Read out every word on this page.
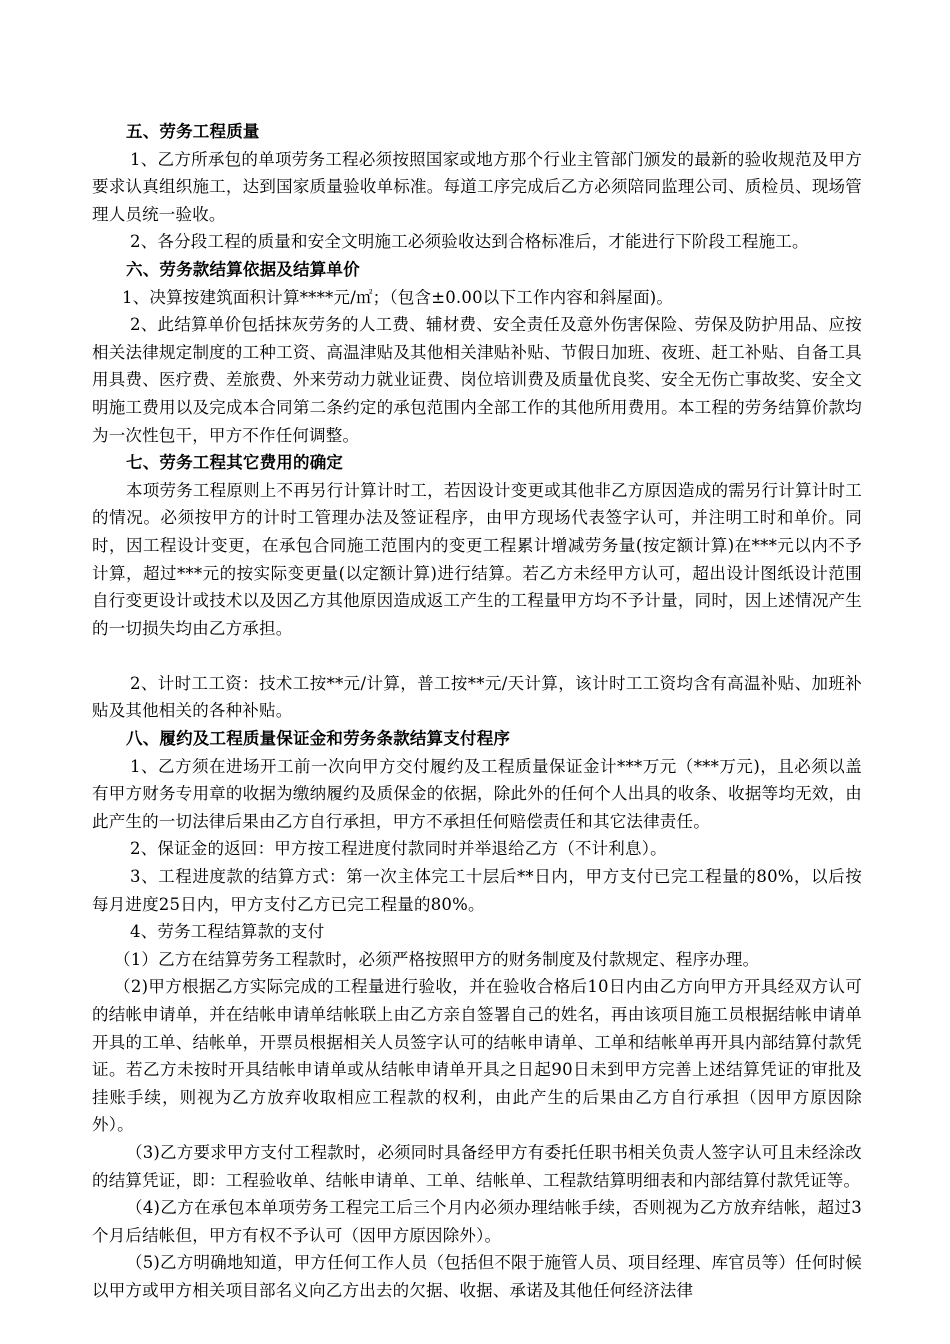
五、劳务工程质量

1、乙方所承包的单项劳务工程必须按照国家或地方那个行业主管部门颁发的最新的验收规范及甲方要求认真组织施工，达到国家质量验收单标准。每道工序完成后乙方必须陪同监理公司、质检员、现场管理人员统一验收。

2、各分段工程的质量和安全文明施工必须验收达到合格标准后，才能进行下阶段工程施工。

六、劳务款结算依据及结算单价

1、决算按建筑面积计算****元/㎡；（包含±0.00以下工作内容和斜屋面)。

2、此结算单价包括抹灰劳务的人工费、辅材费、安全责任及意外伤害保险、劳保及防护用品、应按相关法律规定制度的工种工资、高温津贴及其他相关津贴补贴、节假日加班、夜班、赶工补贴、自备工具用具费、医疗费、差旅费、外来劳动力就业证费、岗位培训费及质量优良奖、安全无伤亡事故奖、安全文明施工费用以及完成本合同第二条约定的承包范围内全部工作的其他所用费用。本工程的劳务结算价款均为一次性包干，甲方不作任何调整。

七、劳务工程其它费用的确定

本项劳务工程原则上不再另行计算计时工，若因设计变更或其他非乙方原因造成的需另行计算计时工的情况。必须按甲方的计时工管理办法及签证程序，由甲方现场代表签字认可，并注明工时和单价。同时，因工程设计变更，在承包合同施工范围内的变更工程累计增减劳务量(按定额计算)在***元以内不予计算，超过***元的按实际变更量(以定额计算)进行结算。若乙方未经甲方认可，超出设计图纸设计范围自行变更设计或技术以及因乙方其他原因造成返工产生的工程量甲方均不予计量，同时，因上述情况产生的一切损失均由乙方承担。

2、计时工工资：技术工按**元/计算，普工按**元/天计算，该计时工工资均含有高温补贴、加班补贴及其他相关的各种补贴。

八、履约及工程质量保证金和劳务条款结算支付程序

1、乙方须在进场开工前一次向甲方交付履约及工程质量保证金计***万元（***万元)，且必须以盖有甲方财务专用章的收据为缴纳履约及质保金的依据，除此外的任何个人出具的收条、收据等均无效，由此产生的一切法律后果由乙方自行承担，甲方不承担任何赔偿责任和其它法律责任。

2、保证金的返回：甲方按工程进度付款同时并举退给乙方（不计利息）。

3、工程进度款的结算方式：第一次主体完工十层后**日内，甲方支付已完工程量的80%，以后按每月进度25日内，甲方支付乙方已完工程量的80%。

4、劳务工程结算款的支付

（1）乙方在结算劳务工程款时，必须严格按照甲方的财务制度及付款规定、程序办理。

（2)甲方根据乙方实际完成的工程量进行验收，并在验收合格后10日内由乙方向甲方开具经双方认可的结帐申请单，并在结帐申请单结帐联上由乙方亲自签署自己的姓名，再由该项目施工员根据结帐申请单开具的工单、结帐单，开票员根据相关人员签字认可的结帐申请单、工单和结帐单再开具内部结算付款凭证。若乙方未按时开具结帐申请单或从结帐申请单开具之日起90日未到甲方完善上述结算凭证的审批及挂账手续，则视为乙方放弃收取相应工程款的权利，由此产生的后果由乙方自行承担（因甲方原因除外）。

（3)乙方要求甲方支付工程款时，必须同时具备经甲方有委托任职书相关负责人签字认可且未经涂改的结算凭证，即：工程验收单、结帐申请单、工单、结帐单、工程款结算明细表和内部结算付款凭证等。

（4)乙方在承包本单项劳务工程完工后三个月内必须办理结帐手续，否则视为乙方放弃结帐，超过3个月后结帐但，甲方有权不予认可（因甲方原因除外）。

（5)乙方明确地知道，甲方任何工作人员（包括但不限于施管人员、项目经理、库官员等）任何时候以甲方或甲方相关项目部名义向乙方出去的欠据、收据、承诺及其他任何经济法律
